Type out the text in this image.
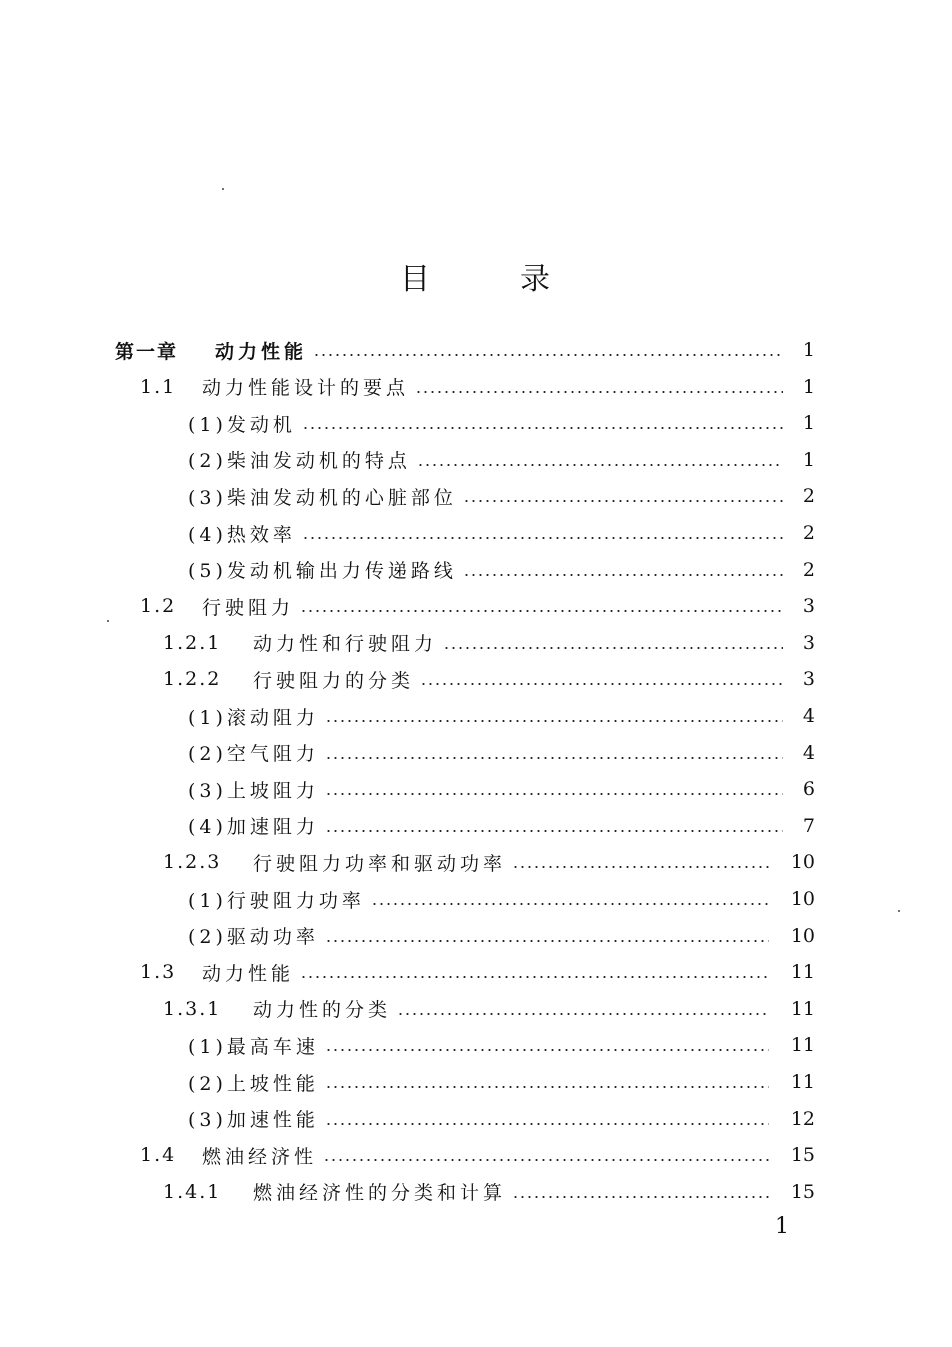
目	录
第一章	动力性能	1
1.1	动力性能设计的要点	1
(1)发动机	1
(2)柴油发动机的特点	1
(3)柴油发动机的心脏部位	2
(4)热效率	2
(5)发动机输出力传递路线	2
1.2	行驶阻力	3
1.2.1	动力性和行驶阻力	3
1.2.2	行驶阻力的分类	3
(1)滚动阻力	4
(2)空气阻力	4
(3)上坡阻力	6
(4)加速阻力	7
1.2.3	行驶阻力功率和驱动功率	10
(1)行驶阻力功率	10
(2)驱动功率	10
1.3	动力性能	11
1.3.1	动力性的分类	11
(1)最高车速	11
(2)上坡性能	11
(3)加速性能	12
1.4	燃油经济性	15
1.4.1	燃油经济性的分类和计算	15
1
